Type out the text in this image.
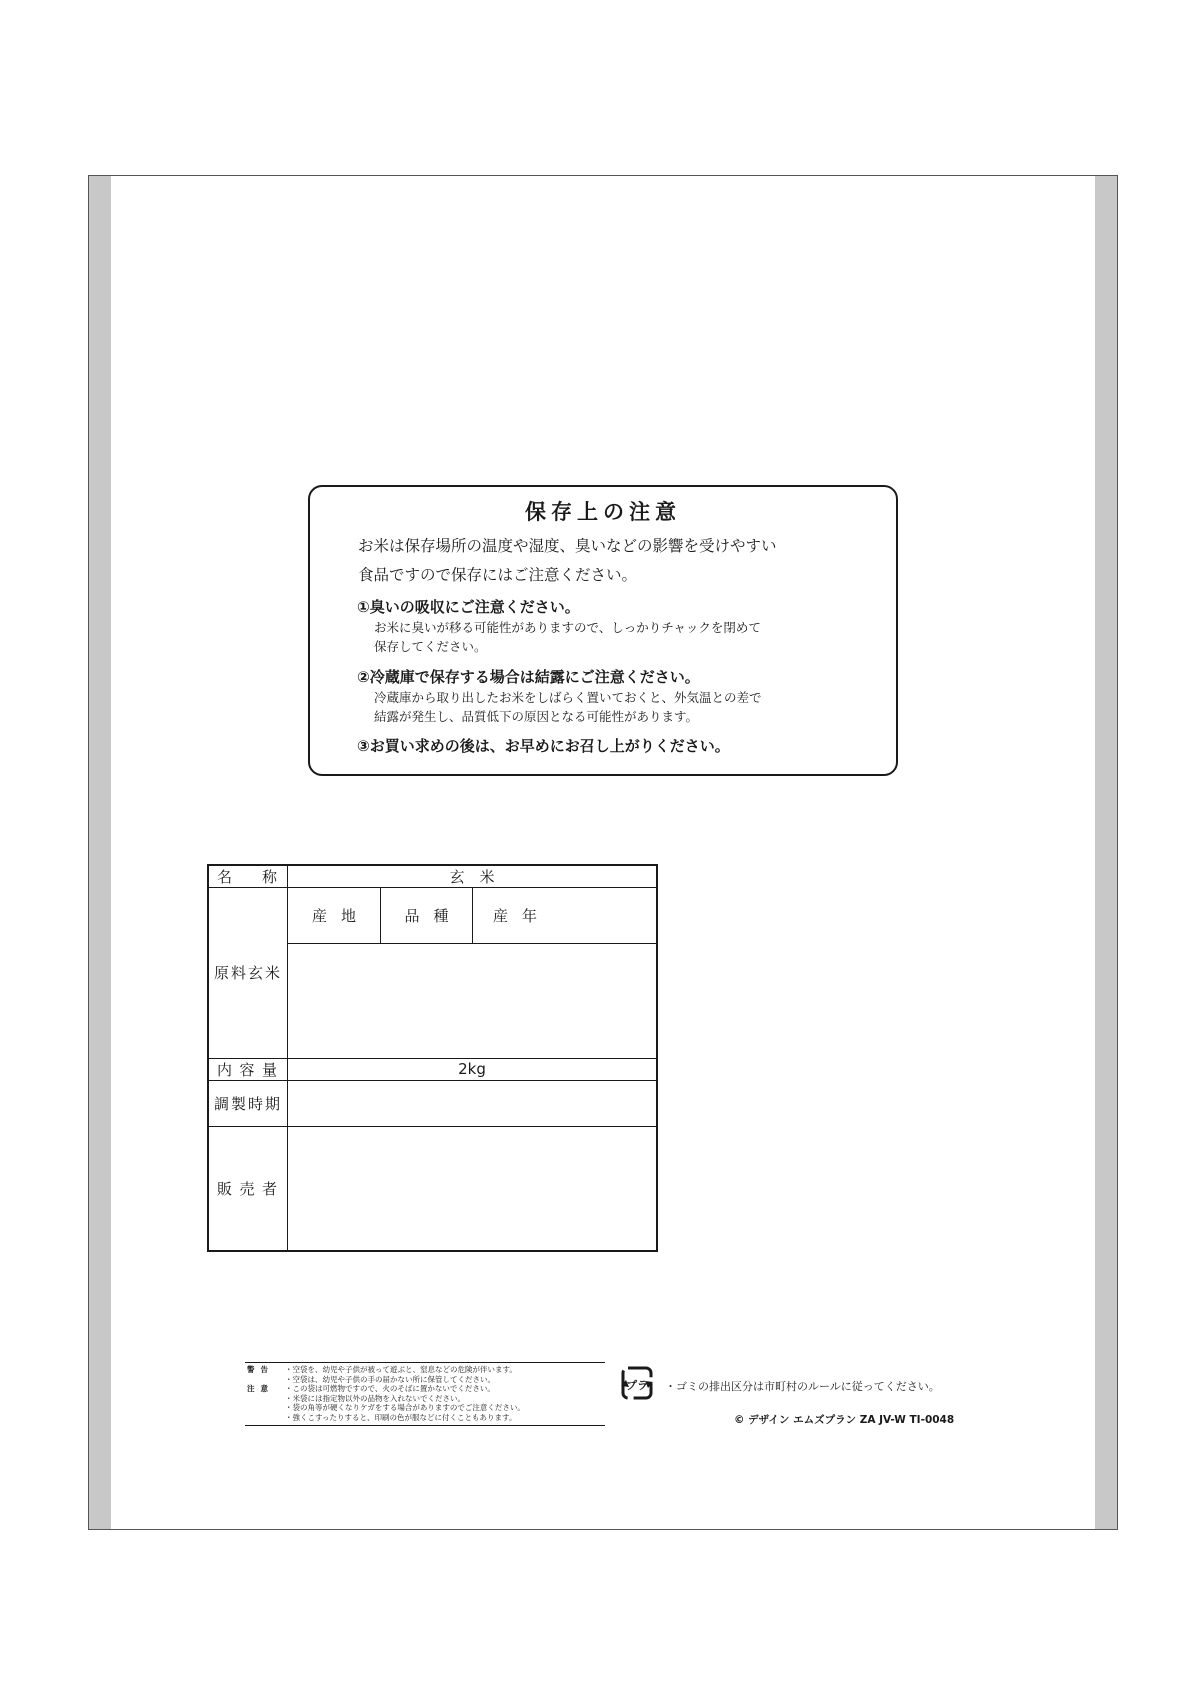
保存上の注意
お米は保存場所の温度や湿度、臭いなどの影響を受けやすい
食品ですので保存にはご注意ください。
①臭いの吸収にご注意ください。
お米に臭いが移る可能性がありますので、しっかりチャックを閉めて
保存してください。
②冷蔵庫で保存する場合は結露にご注意ください。
冷蔵庫から取り出したお米をしばらく置いておくと、外気温との差で
結露が発生し、品質低下の原因となる可能性があります。
③お買い求めの後は、お早めにお召し上がりください。
名 称	玄　米
原料玄米	産地 品種 産年

内 容 量	2kg
調製時期	

販 売 者	

警告	・空袋を、幼児や子供が被って遊ぶと、窒息などの危険が伴います。
・空袋は、幼児や子供の手の届かない所に保管してください。
注意	・この袋は可燃物ですので、火のそばに置かないでください。
・米袋には指定物以外の品物を入れないでください。
・袋の角等が硬くなりケガをする場合がありますのでご注意ください。
・強くこすったりすると、印刷の色が服などに付くこともあります。
プラ ・ゴミの排出区分は市町村のルールに従ってください。
© デザイン エムズプラン ZA JV-W TI-0048
